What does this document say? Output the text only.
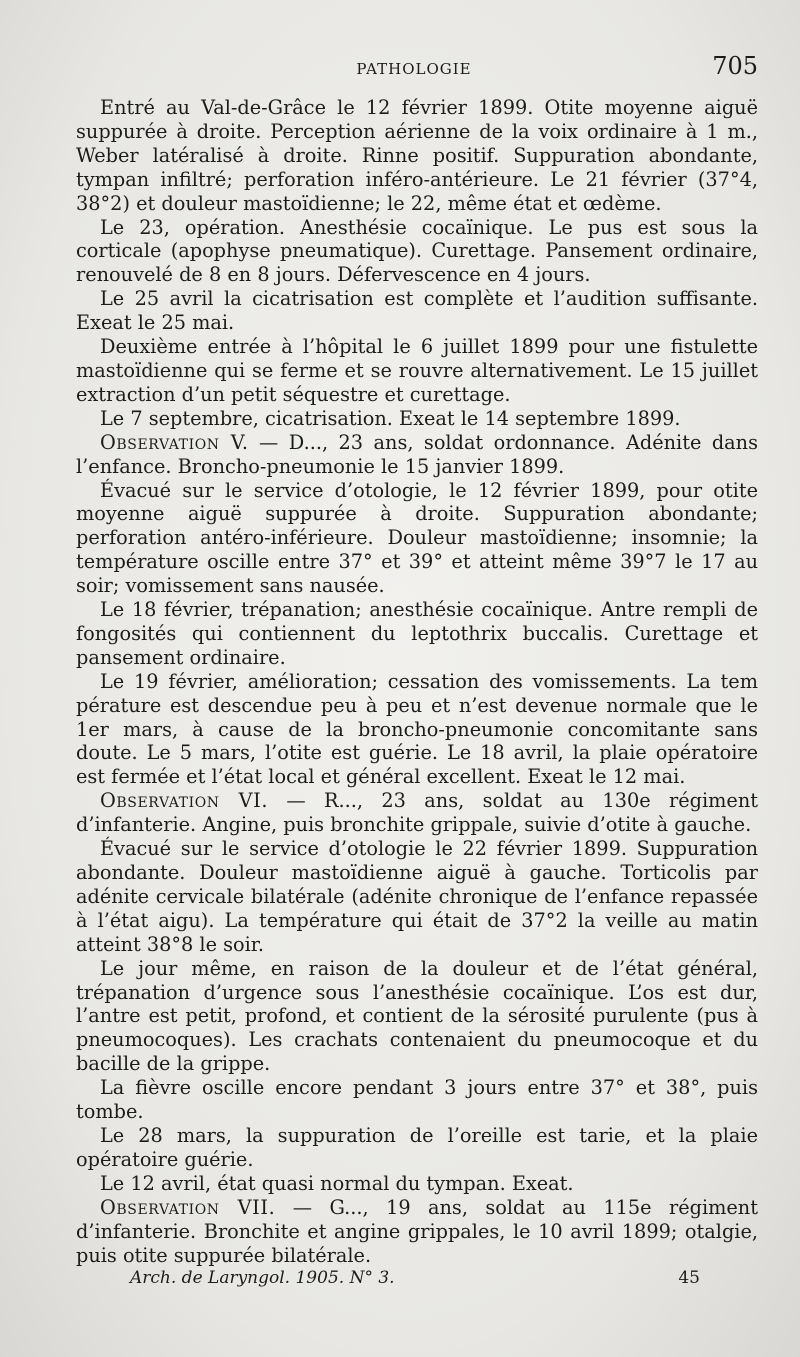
PATHOLOGIE	705

Entré au Val-de-Grâce le 12 février 1899. Otite moyenne aiguë suppurée à droite. Perception aérienne de la voix ordinaire à 1 m., Weber latéralisé à droite. Rinne positif. Suppuration abondante, tympan infiltré; perforation inféro-antérieure. Le 21 février (37°4, 38°2) et douleur mastoïdienne; le 22, même état et œdème.

Le 23, opération. Anesthésie cocaïnique. Le pus est sous la corticale (apophyse pneumatique). Curettage. Pansement ordinaire, renouvelé de 8 en 8 jours. Défervescence en 4 jours.

Le 25 avril la cicatrisation est complète et l’audition suffisante. Exeat le 25 mai.

Deuxième entrée à l’hôpital le 6 juillet 1899 pour une fistulette mastoïdienne qui se ferme et se rouvre alternativement. Le 15 juillet extraction d’un petit séquestre et curettage.

Le 7 septembre, cicatrisation. Exeat le 14 septembre 1899.

Observation V. — D..., 23 ans, soldat ordonnance. Adénite dans l’enfance. Broncho-pneumonie le 15 janvier 1899.

Évacué sur le service d’otologie, le 12 février 1899, pour otite moyenne aiguë suppurée à droite. Suppuration abondante; perforation antéro-inférieure. Douleur mastoïdienne; insomnie; la température oscille entre 37° et 39° et atteint même 39°7 le 17 au soir; vomissement sans nausée.

Le 18 février, trépanation; anesthésie cocaïnique. Antre rempli de fongosités qui contiennent du leptothrix buccalis. Curettage et pansement ordinaire.

Le 19 février, amélioration; cessation des vomissements. La tem pérature est descendue peu à peu et n’est devenue normale que le 1er mars, à cause de la broncho-pneumonie concomitante sans doute. Le 5 mars, l’otite est guérie. Le 18 avril, la plaie opératoire est fermée et l’état local et général excellent. Exeat le 12 mai.

Observation VI. — R..., 23 ans, soldat au 130e régiment d’infanterie. Angine, puis bronchite grippale, suivie d’otite à gauche.

Évacué sur le service d’otologie le 22 février 1899. Suppuration abondante. Douleur mastoïdienne aiguë à gauche. Torticolis par adénite cervicale bilatérale (adénite chronique de l’enfance repassée à l’état aigu). La température qui était de 37°2 la veille au matin atteint 38°8 le soir.

Le jour même, en raison de la douleur et de l’état général, trépanation d’urgence sous l’anesthésie cocaïnique. L’os est dur, l’antre est petit, profond, et contient de la sérosité purulente (pus à pneumocoques). Les crachats contenaient du pneumocoque et du bacille de la grippe.

La fièvre oscille encore pendant 3 jours entre 37° et 38°, puis tombe.

Le 28 mars, la suppuration de l’oreille est tarie, et la plaie opératoire guérie.

Le 12 avril, état quasi normal du tympan. Exeat.

Observation VII. — G..., 19 ans, soldat au 115e régiment d’infanterie. Bronchite et angine grippales, le 10 avril 1899; otalgie, puis otite suppurée bilatérale.

Arch. de Laryngol. 1905. N° 3.	45
